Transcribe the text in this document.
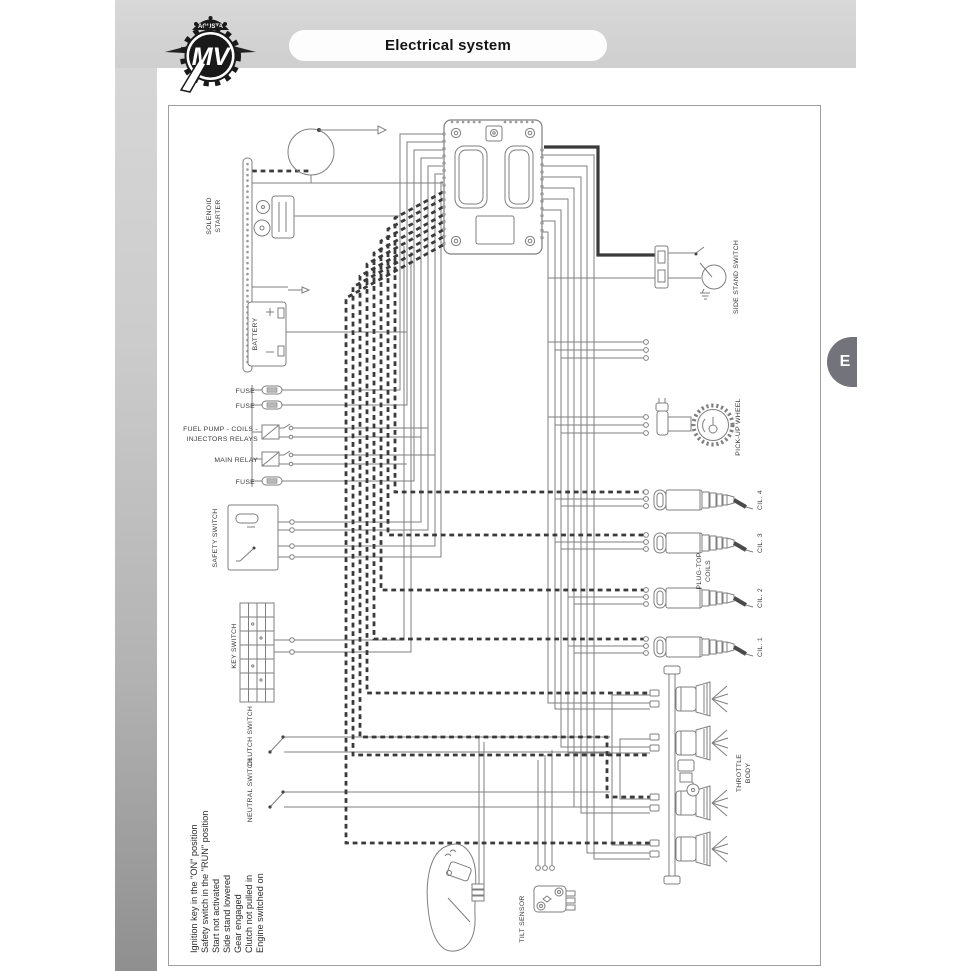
AGUSTA
MV	Electrical system
E
SOLENOID STARTER
BATTERY
FUSE
FUSE
FUSE
FUEL PUMP - COILS -
INJECTORS RELAYS
MAIN RELAY
SAFETY SWITCH
KEY SWITCH
CLUTCH SWITCH
NEUTRAL SWITCH
SIDE STAND SWITCH
PICK-UP WHEEL
CIL. 4
CIL. 3
CIL. 2
CIL. 1
PLUG-TOP COILS
THROTTLE BODY
TILT SENSOR
Ignition key in the "ON" position Safety switch in the "RUN" position Start not activated Side stand lowered Gear engaged Clutch not pulled in Engine switched on
